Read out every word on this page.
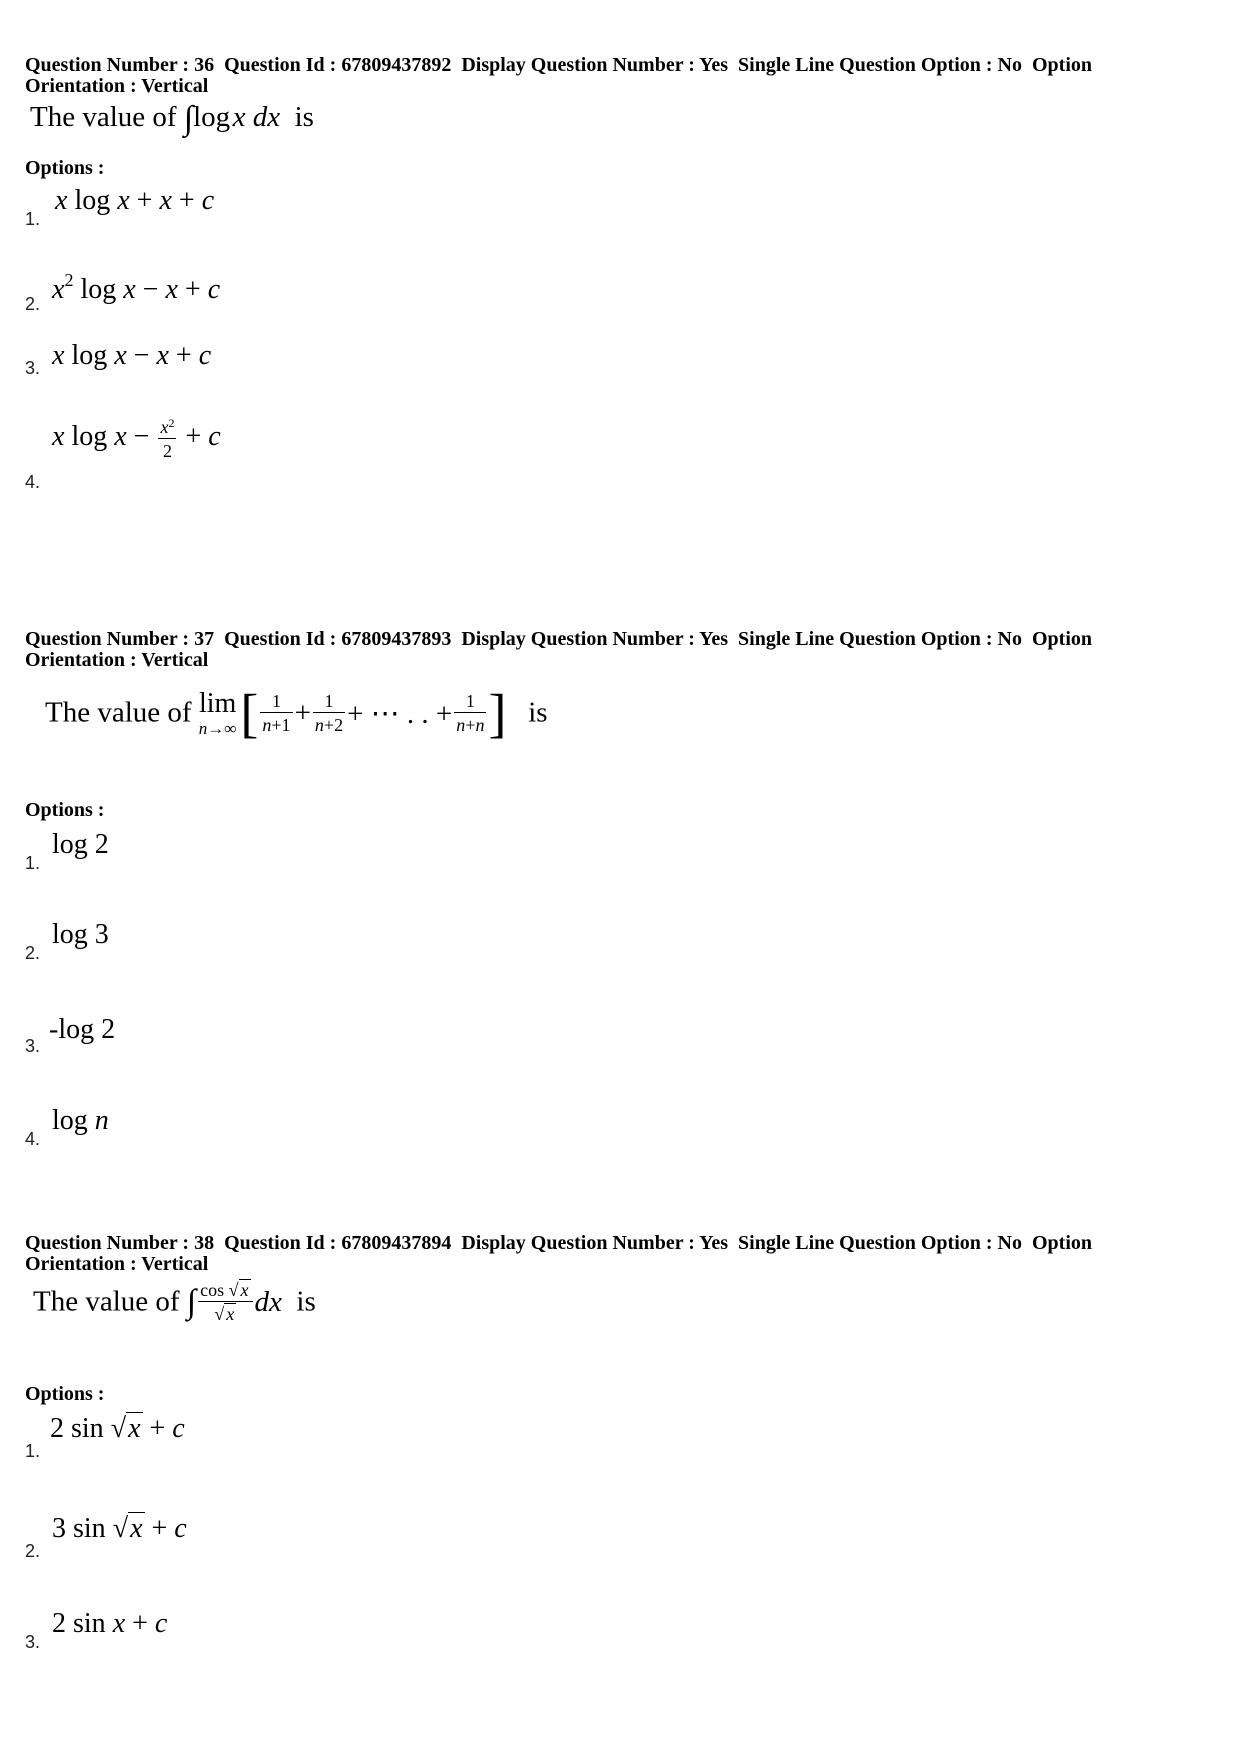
Question Number : 36 Question Id : 67809437892 Display Question Number : Yes Single Line Question Option : No Option Orientation : Vertical
The value of ∫log x dx is
Options :
1.
x log x + x + c
2. $x^2$ log x − x + c
3. x log x − x + c
4.
x $\log x - \frac{x^2}{2} + c$
Question Number : 37 Question Id : 67809437893 Display Question Number : Yes Single Line Question Option : No Option Orientation : Vertical
The value of lim
n→∞ [ $\frac{1}{n+1} + \frac{1}{n+2}$ + ⋯ . . + $\frac{1}{n+n}$ ] is
Options :
1.
log 2
2.
log 3
3.
-log 2
4.
log n
Question Number : 38 Question Id : 67809437894 Display Question Number : Yes Single Line Question Option : No Option Orientation : Vertical
The value of ∫ $\frac{\cos √ x}{√ x}$ dx is
Options :
1.
2 sin √x + c
2.
3 sin √x + c
3.
2 sin x + c
